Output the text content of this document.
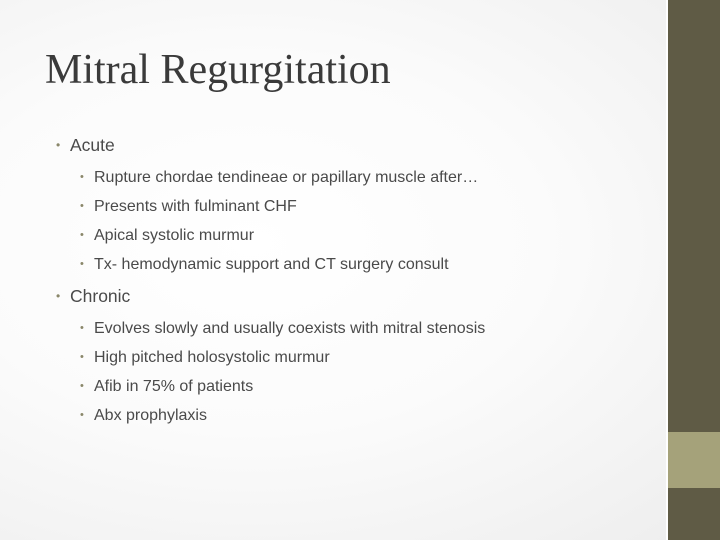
Mitral Regurgitation
• Acute
• Rupture chordae tendineae or papillary muscle after…
• Presents with fulminant CHF
• Apical systolic murmur
• Tx- hemodynamic support and CT surgery consult
• Chronic
• Evolves slowly and usually coexists with mitral stenosis
• High pitched holosystolic murmur
• Afib in 75% of patients
• Abx prophylaxis
